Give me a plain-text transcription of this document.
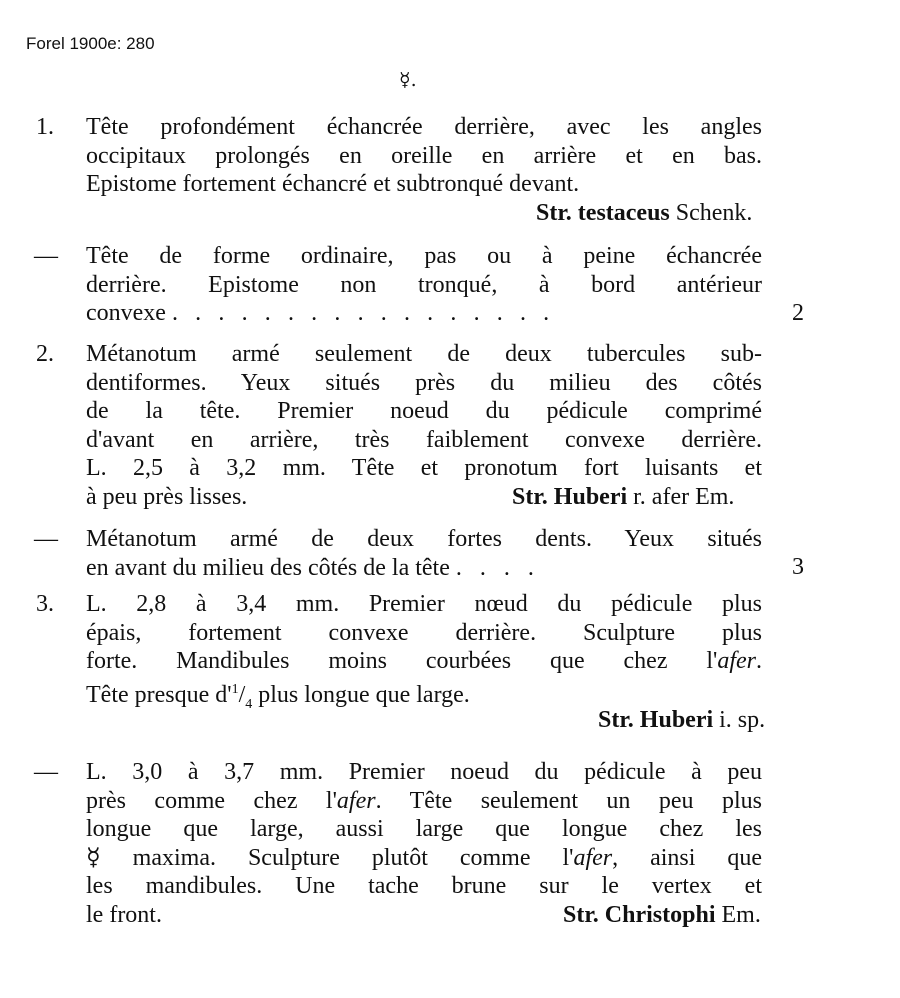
Forel 1900e: 280
☿.
1. Tête profondément échancrée derrière, avec les angles
occipitaux prolongés en oreille en arrière et en bas.
Epistome fortement échancré et subtronqué devant.
Str. testaceus Schenk.
— Tête de forme ordinaire, pas ou à peine échancrée
derrière. Epistome non tronqué, à bord antérieur
convexe . . . . . . . . . . . . . . . . .	2
2. Métanotum armé seulement de deux tubercules sub-
dentiformes. Yeux situés près du milieu des côtés
de la tête. Premier noeud du pédicule comprimé
d'avant en arrière, très faiblement convexe derrière.
L. 2,5 à 3,2 mm. Tête et pronotum fort luisants et
à peu près lisses.	Str. Huberi r. afer Em.
— Métanotum armé de deux fortes dents. Yeux situés
en avant du milieu des côtés de la tête . . . .	3
3. L. 2,8 à 3,4 mm. Premier nœud du pédicule plus
épais, fortement convexe derrière. Sculpture plus
forte. Mandibules moins courbées que chez l'afer.
Tête presque $d'^1/_4$ plus longue que large.
Str. Huberi i. sp.
— L. 3,0 à 3,7 mm. Premier noeud du pédicule à peu
près comme chez l'afer. Tête seulement un peu plus
longue que large, aussi large que longue chez les
☿ maxima. Sculpture plutôt comme l'afer, ainsi que
les mandibules. Une tache brune sur le vertex et
le front.	Str. Christophi Em.
